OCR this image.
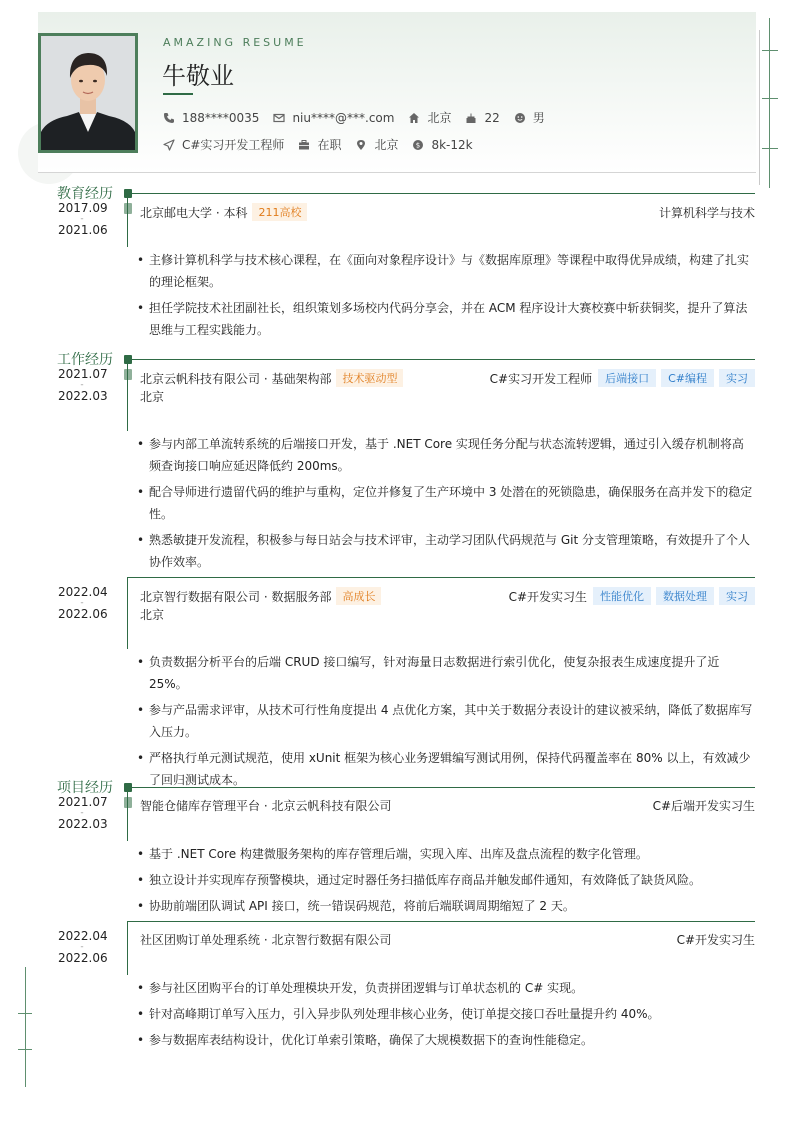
AMAZING RESUME
牛敬业
188****0035	niu****@***.com	北京	22	男
C#实习开发工程师	在职	北京	$ 8k-12k
教育经历
2017.09
-
2021.06
北京邮电大学 · 本科	211高校	计算机科学与技术
• 主修计算机科学与技术核心课程，在《面向对象程序设计》与《数据库原理》等课程中取得优异成绩，构建了扎实的理论框架。
• 担任学院技术社团副社长，组织策划多场校内代码分享会，并在 ACM 程序设计大赛校赛中斩获铜奖，提升了算法思维与工程实践能力。
工作经历
2021.07
-
2022.03
北京云帆科技有限公司 · 基础架构部	技术驱动型	C#实习开发工程师	后端接口	C#编程	实习
北京
• 参与内部工单流转系统的后端接口开发，基于 .NET Core 实现任务分配与状态流转逻辑，通过引入缓存机制将高频查询接口响应延迟降低约 200ms。
• 配合导师进行遗留代码的维护与重构，定位并修复了生产环境中 3 处潜在的死锁隐患，确保服务在高并发下的稳定性。
• 熟悉敏捷开发流程，积极参与每日站会与技术评审，主动学习团队代码规范与 Git 分支管理策略，有效提升了个人协作效率。
2022.04
-
2022.06
北京智行数据有限公司 · 数据服务部	高成长	C#开发实习生	性能优化	数据处理	实习
北京
• 负责数据分析平台的后端 CRUD 接口编写，针对海量日志数据进行索引优化，使复杂报表生成速度提升了近 25%。
• 参与产品需求评审，从技术可行性角度提出 4 点优化方案，其中关于数据分表设计的建议被采纳，降低了数据库写入压力。
• 严格执行单元测试规范，使用 xUnit 框架为核心业务逻辑编写测试用例，保持代码覆盖率在 80% 以上，有效减少了回归测试成本。
项目经历
2021.07
-
2022.03
智能仓储库存管理平台 · 北京云帆科技有限公司	C#后端开发实习生
• 基于 .NET Core 构建微服务架构的库存管理后端，实现入库、出库及盘点流程的数字化管理。
• 独立设计并实现库存预警模块，通过定时器任务扫描低库存商品并触发邮件通知，有效降低了缺货风险。
• 协助前端团队调试 API 接口，统一错误码规范，将前后端联调周期缩短了 2 天。
2022.04
-
2022.06
社区团购订单处理系统 · 北京智行数据有限公司	C#开发实习生
• 参与社区团购平台的订单处理模块开发，负责拼团逻辑与订单状态机的 C# 实现。
• 针对高峰期订单写入压力，引入异步队列处理非核心业务，使订单提交接口吞吐量提升约 40%。
• 参与数据库表结构设计，优化订单索引策略，确保了大规模数据下的查询性能稳定。
